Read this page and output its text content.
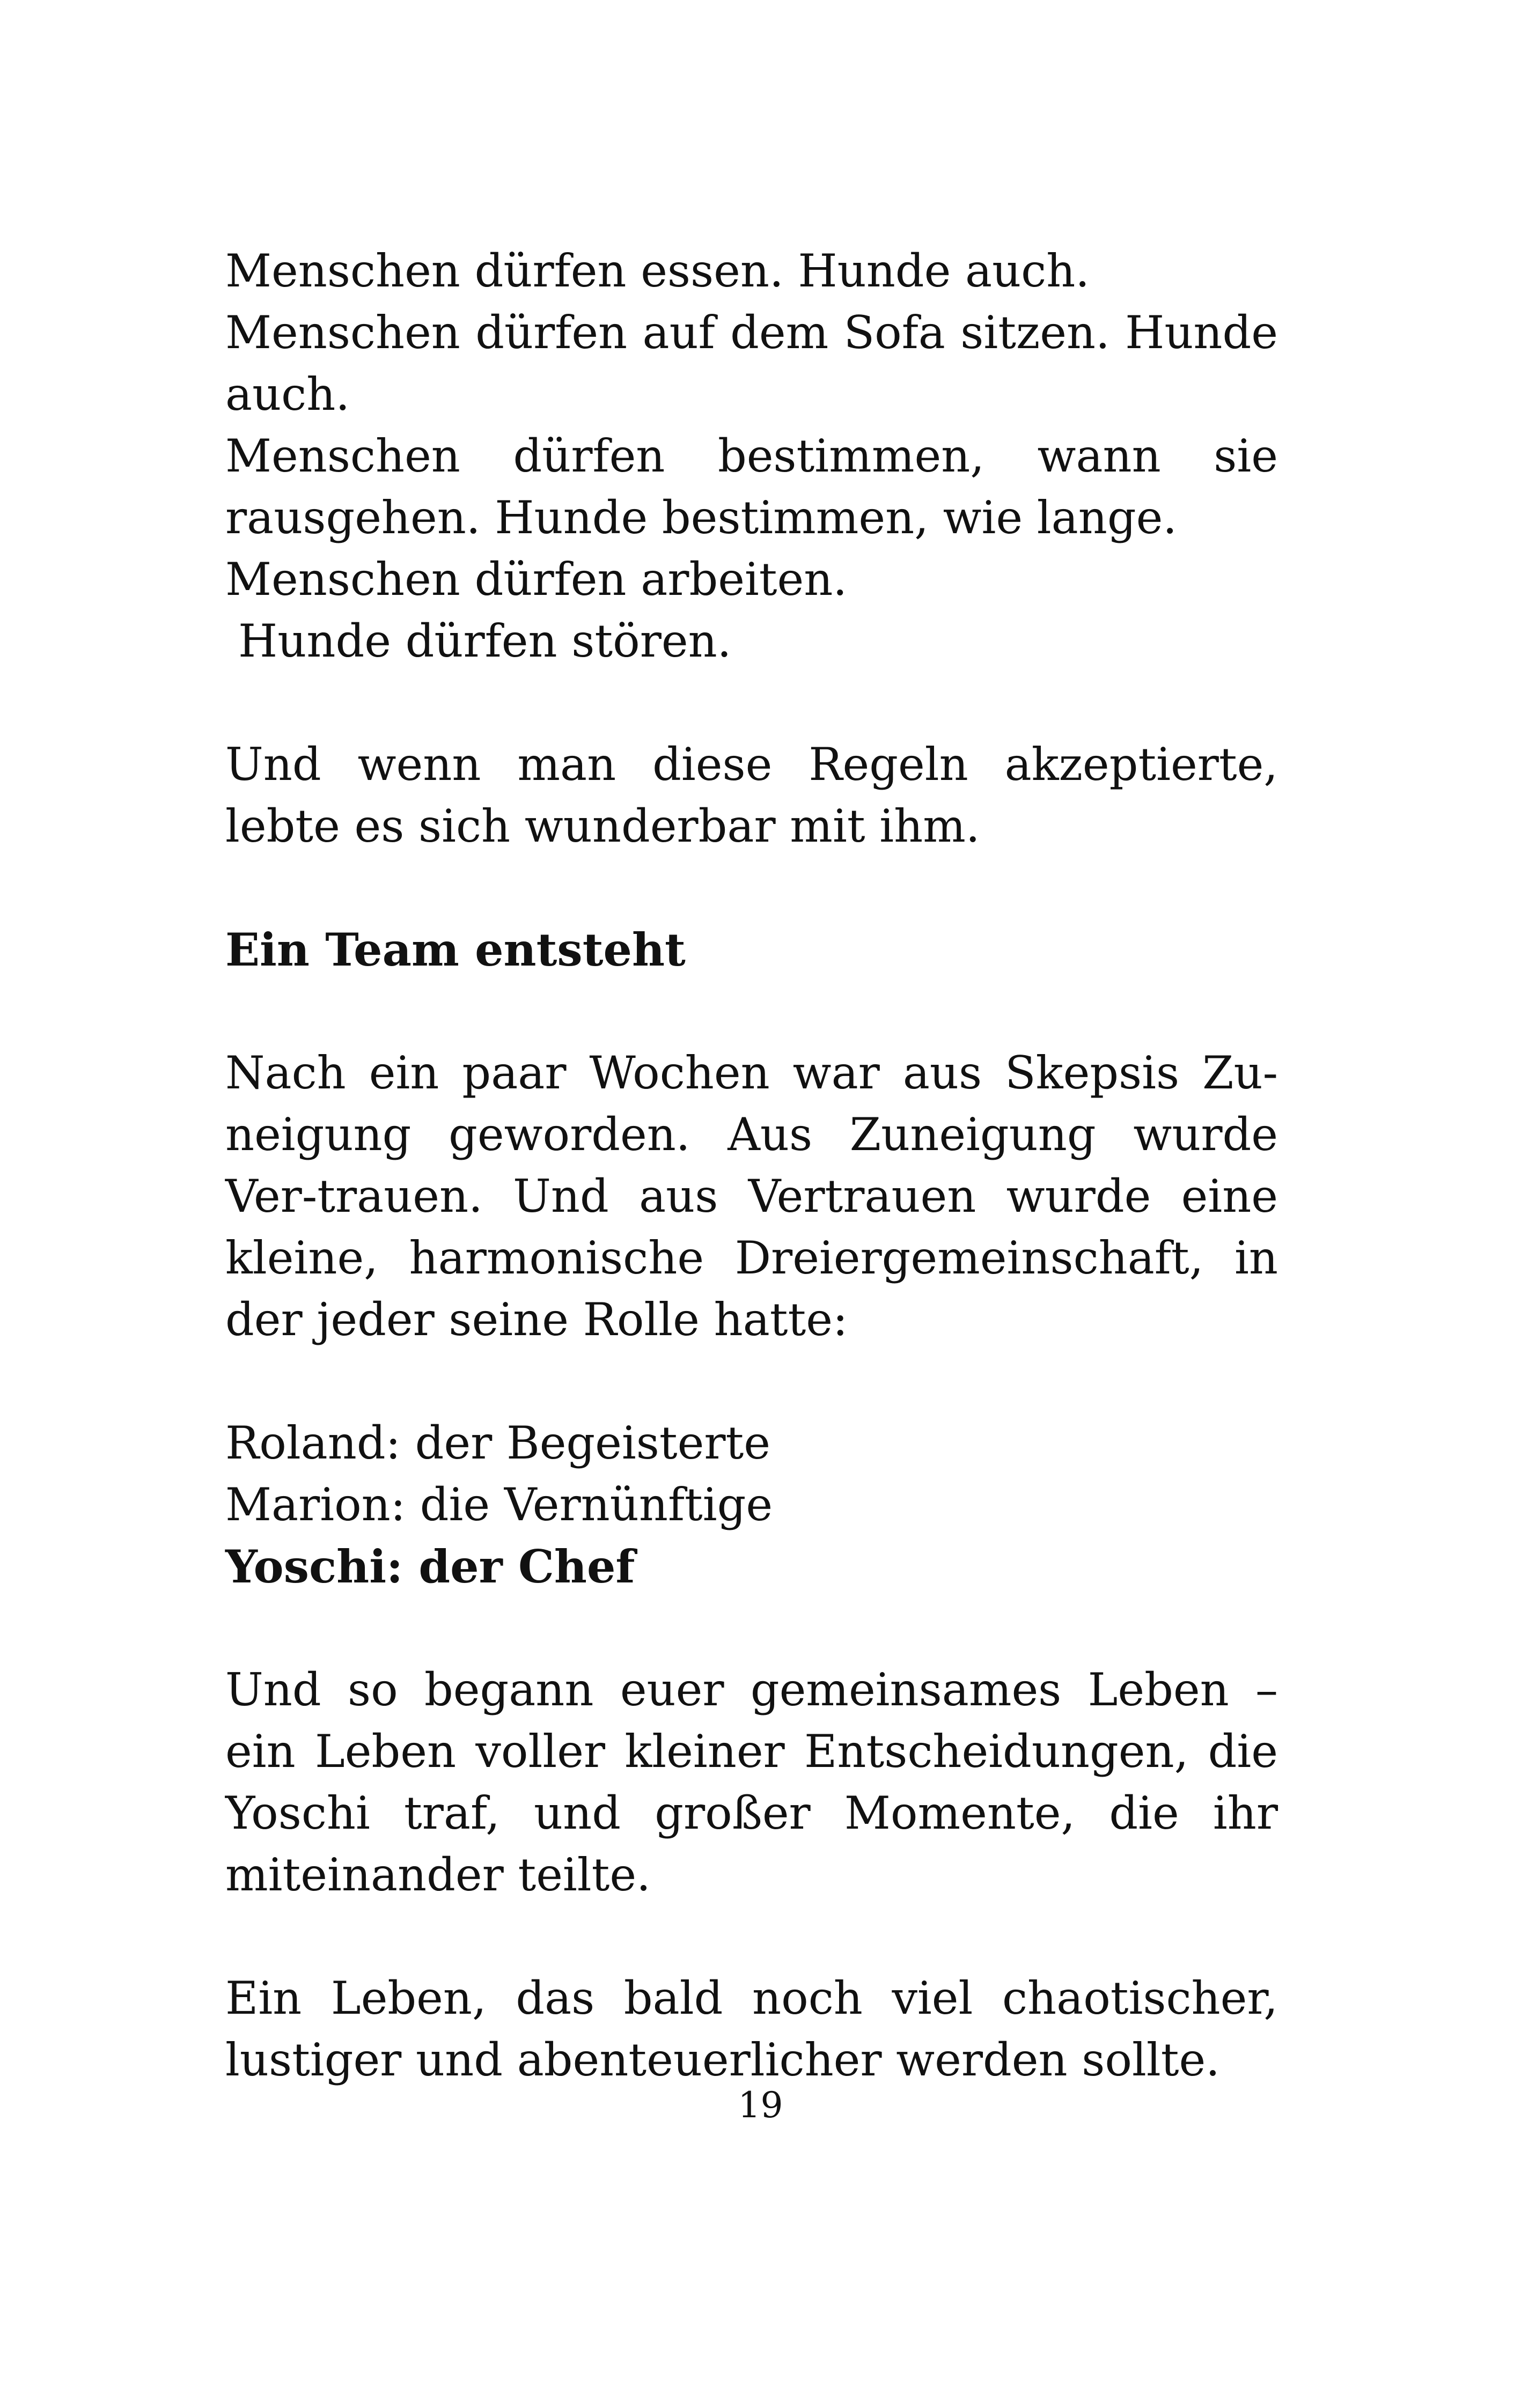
Menschen dürfen essen. Hunde auch.

Menschen dürfen auf dem Sofa sitzen. Hunde auch.

Menschen dürfen bestimmen, wann sie rausgehen. Hunde bestimmen, wie lange.

Menschen dürfen arbeiten.

Hunde dürfen stören.

Und wenn man diese Regeln akzeptierte, lebte es sich wunderbar mit ihm.

Ein Team entsteht

Nach ein paar Wochen war aus Skepsis Zu-neigung geworden. Aus Zuneigung wurde Ver-trauen. Und aus Vertrauen wurde eine kleine, harmonische Dreiergemeinschaft, in der jeder seine Rolle hatte:

Roland: der Begeisterte

Marion: die Vernünftige

Yoschi: der Chef

Und so begann euer gemeinsames Leben – ein Leben voller kleiner Entscheidungen, die Yoschi traf, und großer Momente, die ihr miteinander teilte.

Ein Leben, das bald noch viel chaotischer, lustiger und abenteuerlicher werden sollte.

19
